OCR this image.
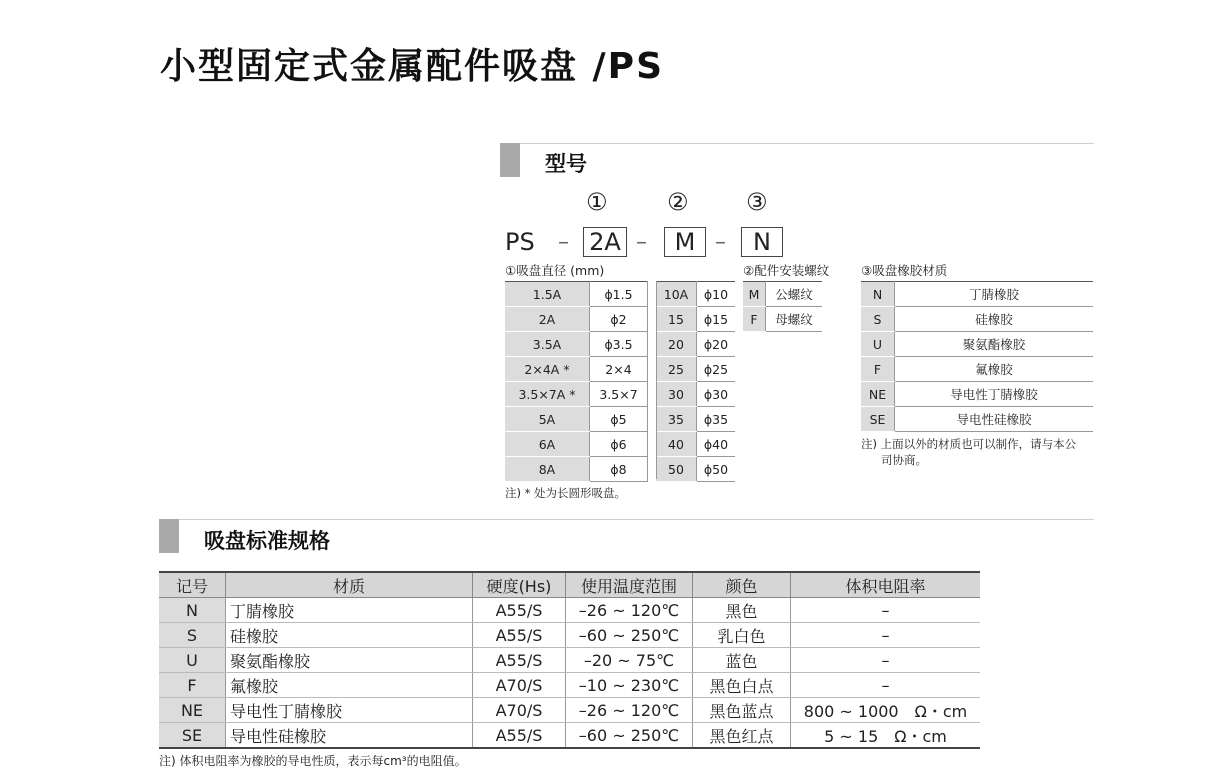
小型固定式金属配件吸盘 /PS
型号
① ② ③
PS – 2A –	M –	N
①吸盘直径 (mm)	②配件安装螺纹	③吸盘橡胶材质
1.5A	ϕ1.5
2A	ϕ2
3.5A	ϕ3.5
2×4A *	2×4
3.5×7A *	3.5×7
5A	ϕ5
6A	ϕ6
8A	ϕ8
10A	ϕ10
15	ϕ15
20	ϕ20
25	ϕ25
30	ϕ30
35	ϕ35
40	ϕ40
50	ϕ50
注) * 处为长圆形吸盘。
M	公螺纹
F	母螺纹
N	丁腈橡胶
S	硅橡胶
U	聚氨酯橡胶
F	氟橡胶
NE	导电性丁腈橡胶
SE	导电性硅橡胶
注) 上面以外的材质也可以制作，请与本公
司协商。
吸盘标准规格
记号	材质	硬度(Hs)	使用温度范围	颜色	体积电阻率
N	丁腈橡胶	A55/S	–26 ~ 120℃	黑色	–
S	硅橡胶	A55/S	–60 ~ 250℃	乳白色	–
U	聚氨酯橡胶	A55/S	–20 ~ 75℃	蓝色	–
F	氟橡胶	A70/S	–10 ~ 230℃	黑色白点	–
NE	导电性丁腈橡胶	A70/S	–26 ~ 120℃	黑色蓝点	800 ~ 1000　Ω・cm
SE	导电性硅橡胶	A55/S	–60 ~ 250℃	黑色红点	5 ~ 15　Ω・cm
注) 体积电阻率为橡胶的导电性质，表示每cm³的电阻值。
